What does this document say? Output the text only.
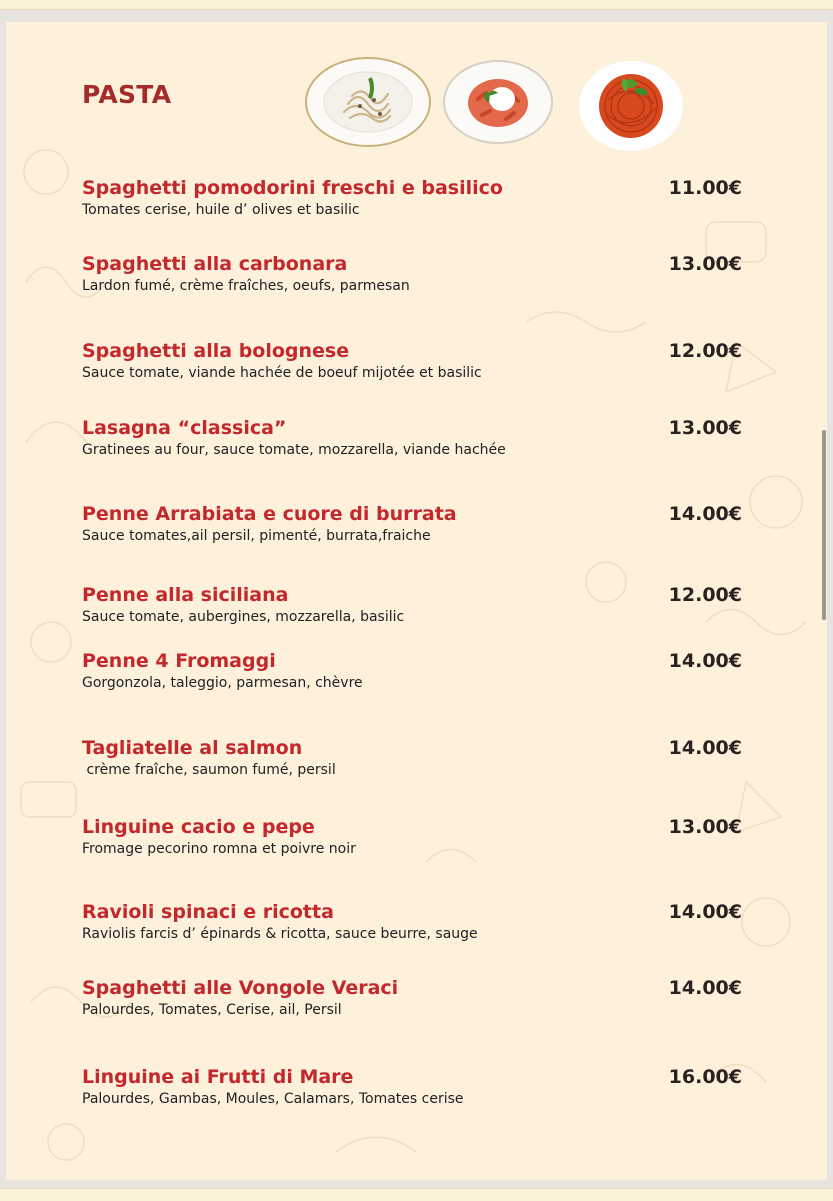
PASTA
Spaghetti pomodorini freschi e basilico
Tomates cerise, huile d’ olives et basilic
11.00€
Spaghetti alla carbonara
Lardon fumé, crème fraîches, oeufs, parmesan
13.00€
Spaghetti alla bolognese
Sauce tomate, viande hachée de boeuf mijotée et basilic
12.00€
Lasagna “classica”
Gratinees au four, sauce tomate, mozzarella, viande hachée
13.00€
Penne Arrabiata e cuore di burrata
Sauce tomates,ail persil, pimenté, burrata,fraiche
14.00€
Penne alla siciliana
Sauce tomate, aubergines, mozzarella, basilic
12.00€
Penne 4 Fromaggi
Gorgonzola, taleggio, parmesan, chèvre
14.00€
Tagliatelle al salmon
crème fraîche, saumon fumé, persil
14.00€
Linguine cacio e pepe
Fromage pecorino romna et poivre noir
13.00€
Ravioli spinaci e ricotta
Raviolis farcis d’ épinards & ricotta, sauce beurre, sauge
14.00€
Spaghetti alle Vongole Veraci
Palourdes, Tomates, Cerise, ail, Persil
14.00€
Linguine ai Frutti di Mare
Palourdes, Gambas, Moules, Calamars, Tomates cerise
16.00€
